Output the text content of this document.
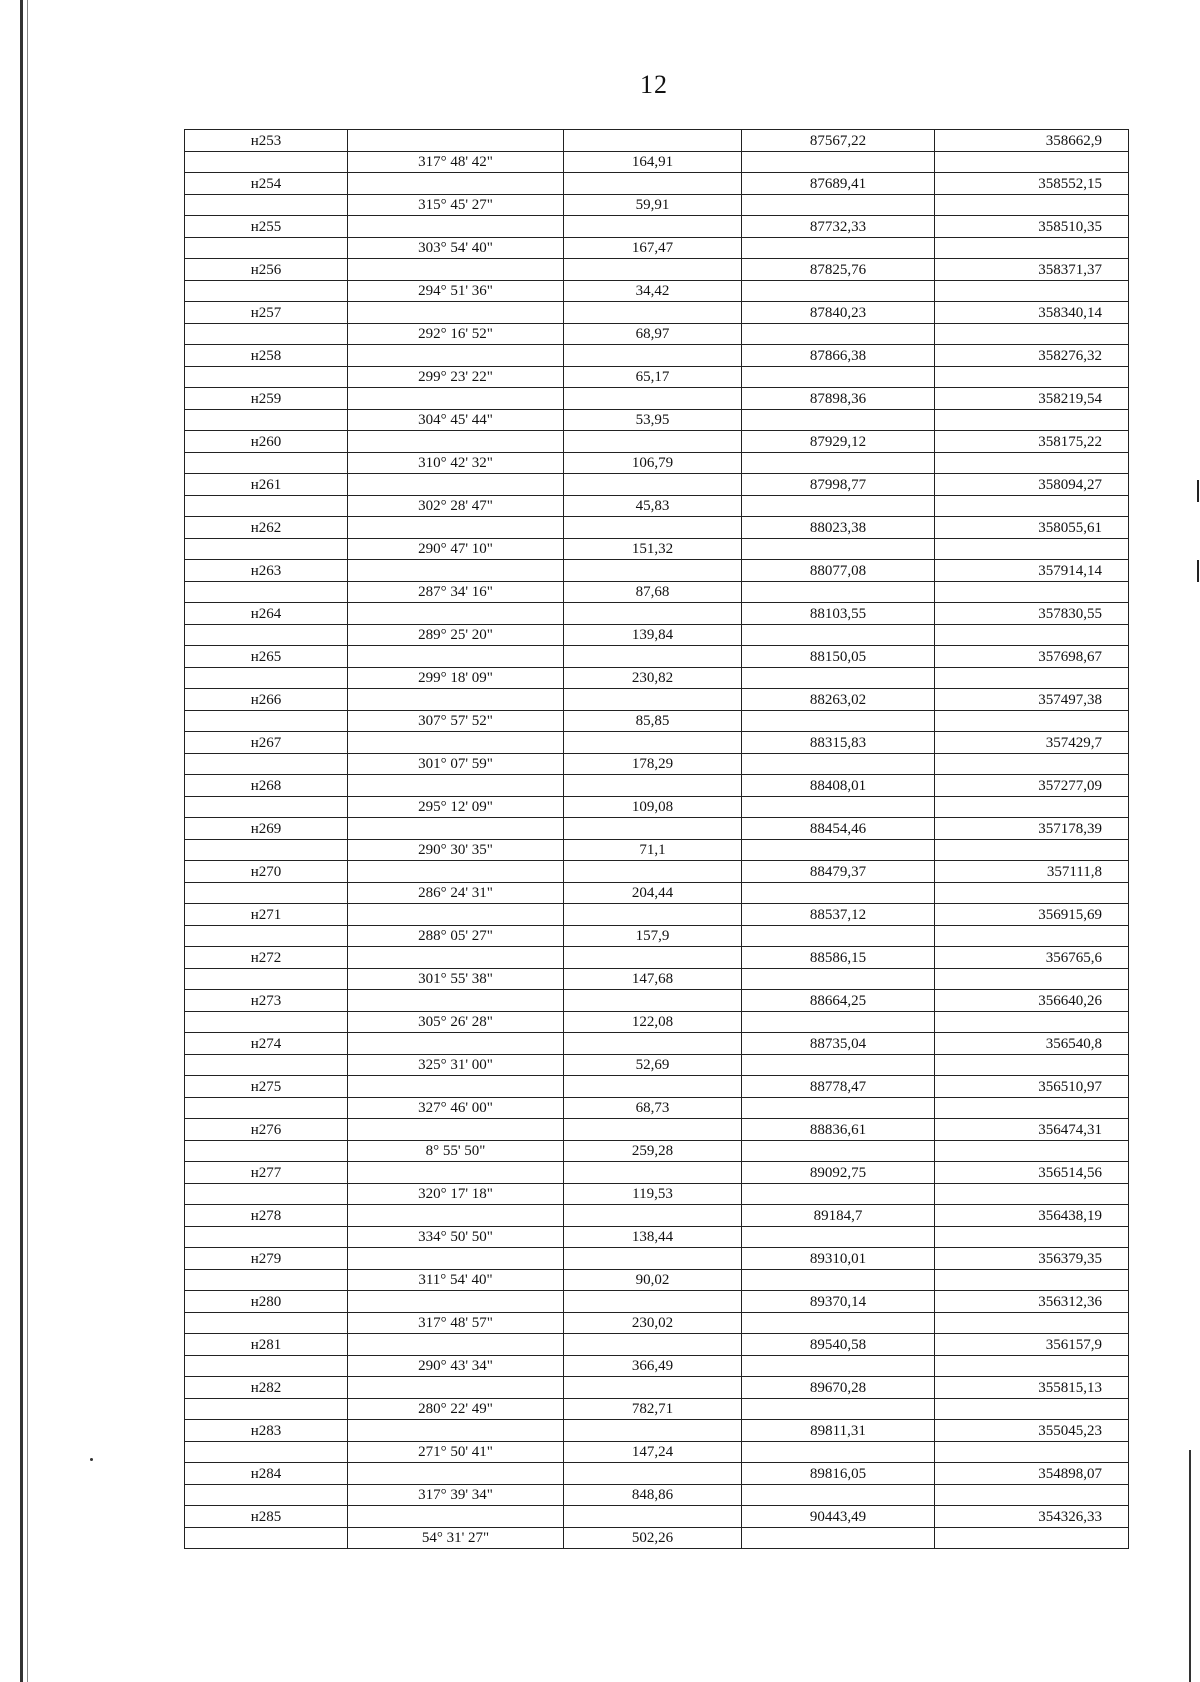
12
н253			87567,22	358662,9
	317° 48' 42"	164,91		
н254			87689,41	358552,15
	315° 45' 27"	59,91		
н255			87732,33	358510,35
	303° 54' 40"	167,47		
н256			87825,76	358371,37
	294° 51' 36"	34,42		
н257			87840,23	358340,14
	292° 16' 52"	68,97		
н258			87866,38	358276,32
	299° 23' 22"	65,17		
н259			87898,36	358219,54
	304° 45' 44"	53,95		
н260			87929,12	358175,22
	310° 42' 32"	106,79		
н261			87998,77	358094,27
	302° 28' 47"	45,83		
н262			88023,38	358055,61
	290° 47' 10"	151,32		
н263			88077,08	357914,14
	287° 34' 16"	87,68		
н264			88103,55	357830,55
	289° 25' 20"	139,84		
н265			88150,05	357698,67
	299° 18' 09"	230,82		
н266			88263,02	357497,38
	307° 57' 52"	85,85		
н267			88315,83	357429,7
	301° 07' 59"	178,29		
н268			88408,01	357277,09
	295° 12' 09"	109,08		
н269			88454,46	357178,39
	290° 30' 35"	71,1		
н270			88479,37	357111,8
	286° 24' 31"	204,44		
н271			88537,12	356915,69
	288° 05' 27"	157,9		
н272			88586,15	356765,6
	301° 55' 38"	147,68		
н273			88664,25	356640,26
	305° 26' 28"	122,08		
н274			88735,04	356540,8
	325° 31' 00"	52,69		
н275			88778,47	356510,97
	327° 46' 00"	68,73		
н276			88836,61	356474,31
	8° 55' 50"	259,28		
н277			89092,75	356514,56
	320° 17' 18"	119,53		
н278			89184,7	356438,19
	334° 50' 50"	138,44		
н279			89310,01	356379,35
	311° 54' 40"	90,02		
н280			89370,14	356312,36
	317° 48' 57"	230,02		
н281			89540,58	356157,9
	290° 43' 34"	366,49		
н282			89670,28	355815,13
	280° 22' 49"	782,71		
н283			89811,31	355045,23
	271° 50' 41"	147,24		
н284			89816,05	354898,07
	317° 39' 34"	848,86		
н285			90443,49	354326,33
	54° 31' 27"	502,26		
